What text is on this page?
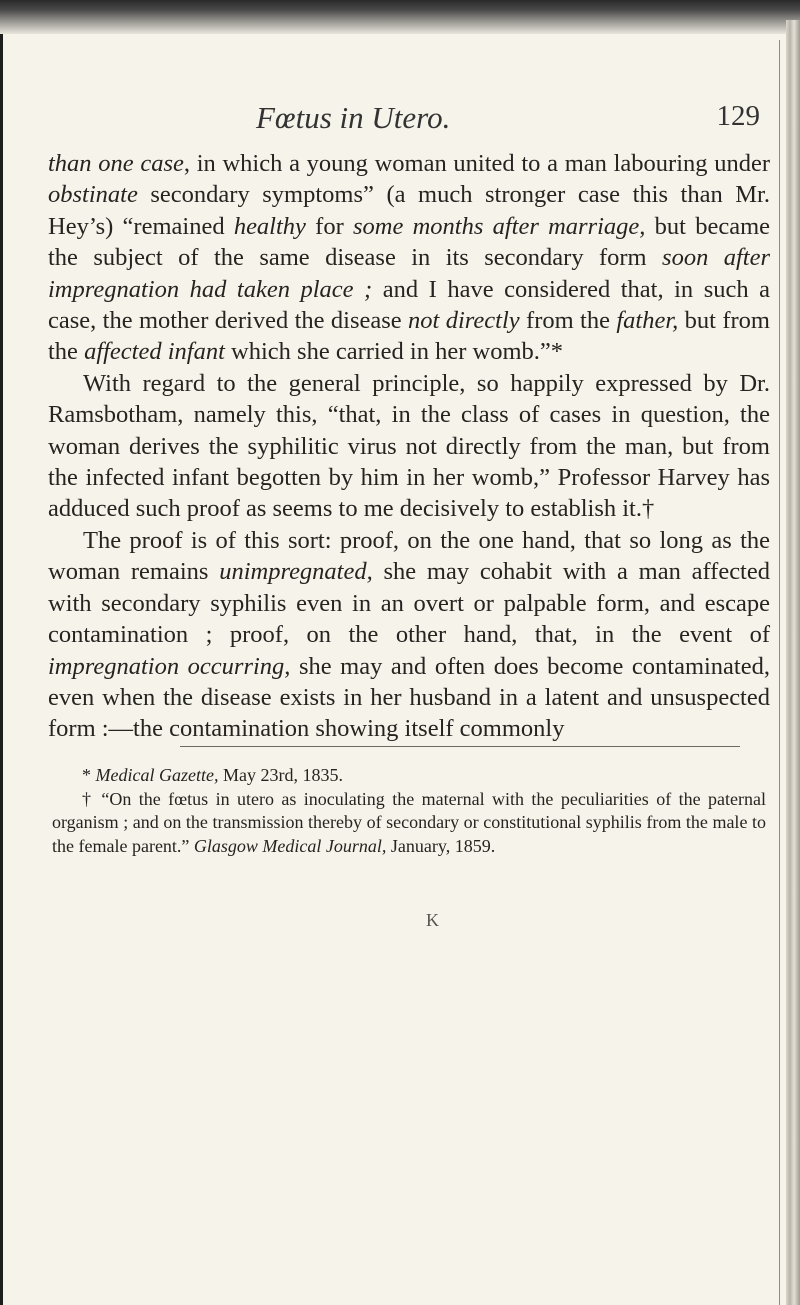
Fœtus in Utero.	129

than one case, in which a young woman united to a man labouring under obstinate secondary symptoms” (a much stronger case this than Mr. Hey’s) “remained healthy for some months after marriage, but became the subject of the same disease in its secondary form soon after impregnation had taken place ; and I have considered that, in such a case, the mother derived the disease not directly from the father, but from the affected infant which she carried in her womb.”*

With regard to the general principle, so happily expressed by Dr. Ramsbotham, namely this, “that, in the class of cases in question, the woman derives the syphilitic virus not directly from the man, but from the infected infant begotten by him in her womb,” Professor Harvey has adduced such proof as seems to me decisively to establish it.†

The proof is of this sort: proof, on the one hand, that so long as the woman remains unimpregnated, she may cohabit with a man affected with secondary syphilis even in an overt or palpable form, and escape contamination ; proof, on the other hand, that, in the event of impregnation occurring, she may and often does become contaminated, even when the disease exists in her husband in a latent and unsuspected form :—the contamination showing itself commonly

* Medical Gazette, May 23rd, 1835.

† “On the fœtus in utero as inoculating the maternal with the peculiarities of the paternal organism ; and on the transmission thereby of secondary or constitutional syphilis from the male to the female parent.” Glasgow Medical Journal, January, 1859.

K
